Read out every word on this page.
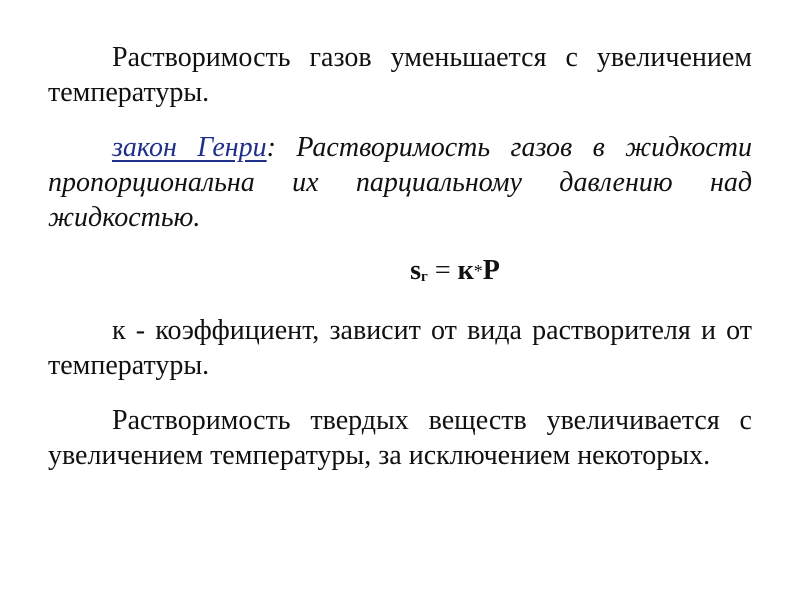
Растворимость газов уменьшается с увеличением температуры.

закон Генри: Растворимость газов в жидкости пропорциональна их парциальному давлению над жидкостью.

sг = к*P

к - коэффициент, зависит от вида растворителя и от температуры.

Растворимость твердых веществ увеличивается с увеличением температуры, за исключением некоторых.
